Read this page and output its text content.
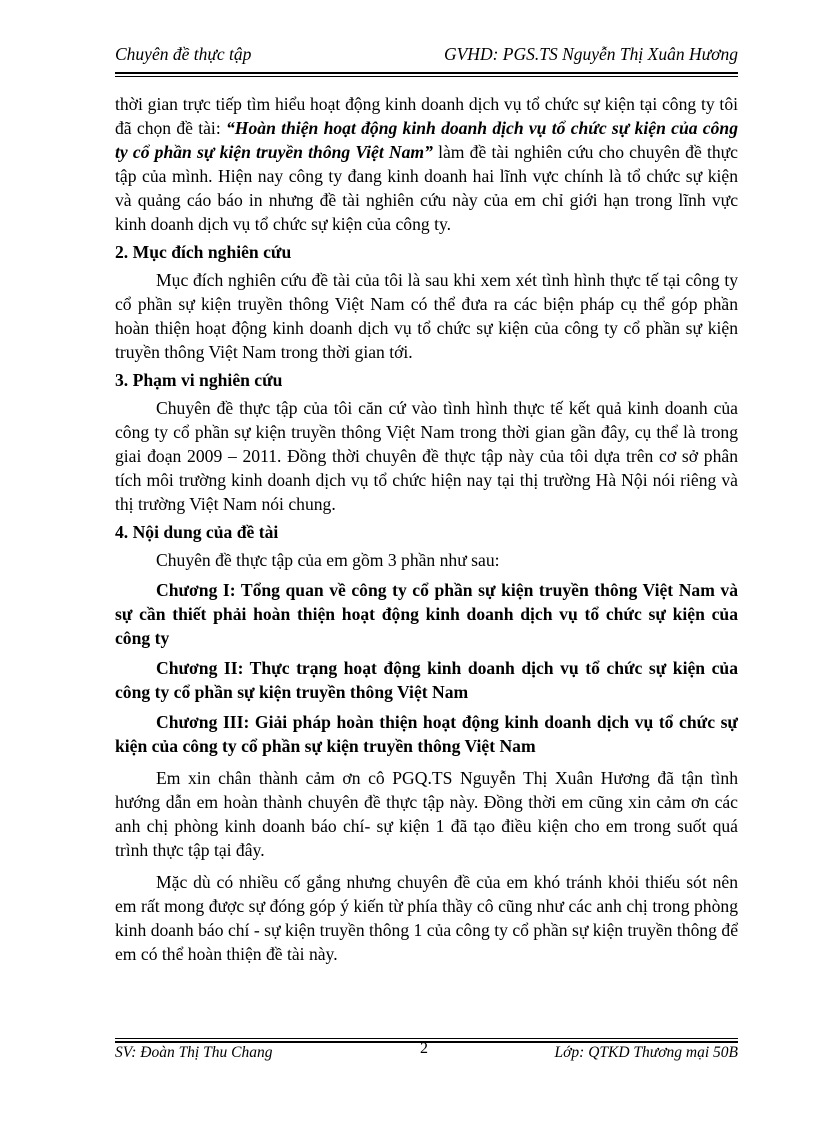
Chuyên đề thực tập	GVHD: PGS.TS Nguyễn Thị Xuân Hương

thời gian trực tiếp tìm hiểu hoạt động kinh doanh dịch vụ tổ chức sự kiện tại công ty tôi đã chọn đề tài: “Hoàn thiện hoạt động kinh doanh dịch vụ tổ chức sự kiện của công ty cổ phần sự kiện truyền thông Việt Nam” làm đề tài nghiên cứu cho chuyên đề thực tập của mình. Hiện nay công ty đang kinh doanh hai lĩnh vực chính là tổ chức sự kiện và quảng cáo báo in nhưng đề tài nghiên cứu này của em chỉ giới hạn trong lĩnh vực kinh doanh dịch vụ tổ chức sự kiện của công ty.

2. Mục đích nghiên cứu

Mục đích nghiên cứu đề tài của tôi là sau khi xem xét tình hình thực tế tại công ty cổ phần sự kiện truyền thông Việt Nam có thể đưa ra các biện pháp cụ thể góp phần hoàn thiện hoạt động kinh doanh dịch vụ tổ chức sự kiện của công ty cổ phần sự kiện truyền thông Việt Nam trong thời gian tới.

3. Phạm vi nghiên cứu

Chuyên đề thực tập của tôi căn cứ vào tình hình thực tế kết quả kinh doanh của công ty cổ phần sự kiện truyền thông Việt Nam trong thời gian gần đây, cụ thể là trong giai đoạn 2009 – 2011. Đồng thời chuyên đề thực tập này của tôi dựa trên cơ sở phân tích môi trường kinh doanh dịch vụ tổ chức hiện nay tại thị trường Hà Nội nói riêng và thị trường Việt Nam nói chung.

4. Nội dung của đề tài

Chuyên đề thực tập của em gồm 3 phần như sau:

Chương I: Tổng quan về công ty cổ phần sự kiện truyền thông Việt Nam và sự cần thiết phải hoàn thiện hoạt động kinh doanh dịch vụ tổ chức sự kiện của công ty

Chương II: Thực trạng hoạt động kinh doanh dịch vụ tổ chức sự kiện của công ty cổ phần sự kiện truyền thông Việt Nam

Chương III: Giải pháp hoàn thiện hoạt động kinh doanh dịch vụ tổ chức sự kiện của công ty cổ phần sự kiện truyền thông Việt Nam

Em xin chân thành cảm ơn cô PGQ.TS Nguyễn Thị Xuân Hương đã tận tình hướng dẫn em hoàn thành chuyên đề thực tập này. Đồng thời em cũng xin cảm ơn các anh chị phòng kinh doanh báo chí- sự kiện 1 đã tạo điều kiện cho em trong suốt quá trình thực tập tại đây.

Mặc dù có nhiều cố gắng nhưng chuyên đề của em khó tránh khỏi thiếu sót nên em rất mong được sự đóng góp ý kiến từ phía thầy cô cũng như các anh chị trong phòng kinh doanh báo chí - sự kiện truyền thông 1 của công ty cổ phần sự kiện truyền thông để em có thể hoàn thiện đề tài này.

SV: Đoàn Thị Thu Chang	2	Lớp: QTKD Thương mại 50B
